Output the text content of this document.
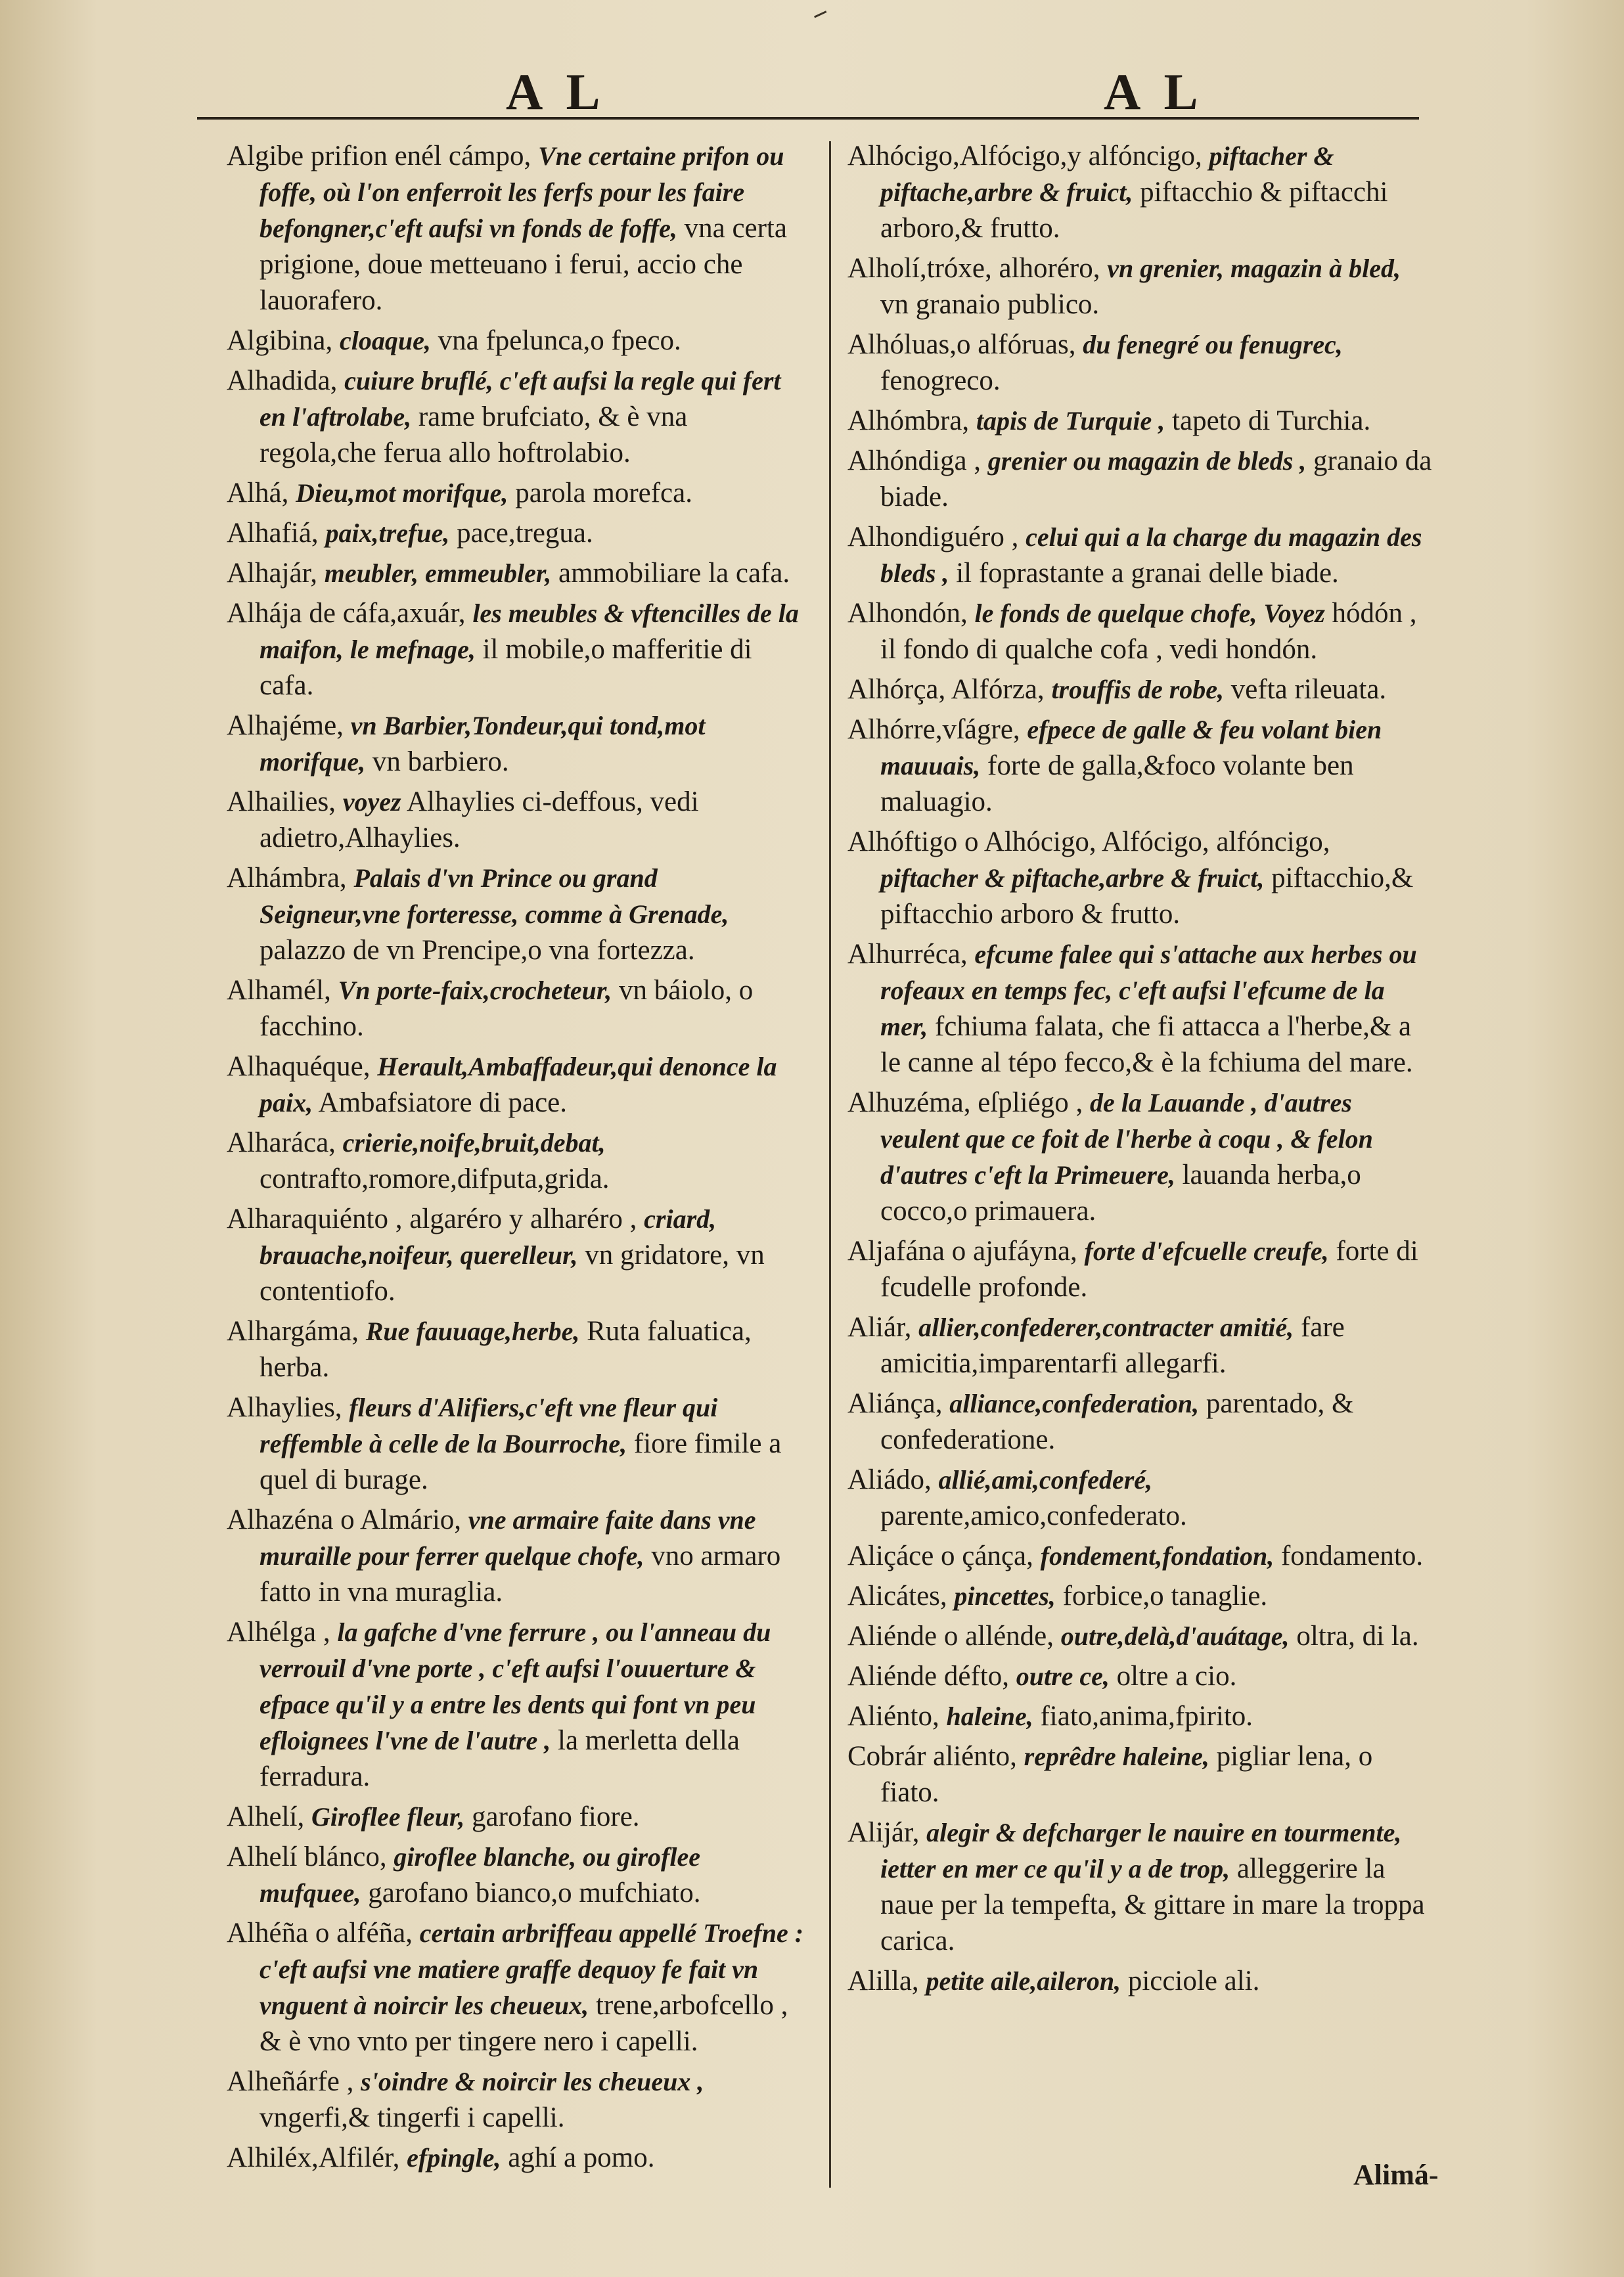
A L	A L
Algibe prifion enél cámpo, Vne certaine prifon ou foffe, où l'on enferroit les ferfs pour les faire befongner,c'eft aufsi vn fonds de foffe, vna certa prigione, doue metteuano i ferui, accio che lauorafero.
Algibina, cloaque, vna fpelunca,o fpeco.
Alhadida, cuiure bruflé, c'eft aufsi la regle qui fert en l'aftrolabe, rame brufciato, & è vna regola,che ferua allo hoftrolabio.
Alhá, Dieu,mot morifque, parola morefca.
Alhafiá, paix,trefue, pace,tregua.
Alhajár, meubler, emmeubler, ammobiliare la cafa.
Alhája de cáfa,axuár, les meubles & vftencilles de la maifon, le mefnage, il mobile,o mafferitie di cafa.
Alhajéme, vn Barbier,Tondeur,qui tond,mot morifque, vn barbiero.
Alhailies, voyez Alhaylies ci-deffous, vedi adietro,Alhaylies.
Alhámbra, Palais d'vn Prince ou grand Seigneur,vne forteresse, comme à Grenade, palazzo de vn Prencipe,o vna fortezza.
Alhamél, Vn porte-faix,crocheteur, vn báiolo, o facchino.
Alhaquéque, Herault,Ambaffadeur,qui denonce la paix, Ambafsiatore di pace.
Alharáca, crierie,noife,bruit,debat, contrafto,romore,difputa,grida.
Alharaquiénto , algaréro y alharéro , criard, brauache,noifeur, querelleur, vn gridatore, vn contentiofo.
Alhargáma, Rue fauuage,herbe, Ruta faluatica, herba.
Alhaylies, fleurs d'Alifiers,c'eft vne fleur qui reffemble à celle de la Bourroche, fiore fimile a quel di burage.
Alhazéna o Almário, vne armaire faite dans vne muraille pour ferrer quelque chofe, vno armaro fatto in vna muraglia.
Alhélga , la gafche d'vne ferrure , ou l'anneau du verrouil d'vne porte , c'eft aufsi l'ouuerture & efpace qu'il y a entre les dents qui font vn peu efloignees l'vne de l'autre , la merletta della ferradura.
Alhelí, Giroflee fleur, garofano fiore.
Alhelí blánco, giroflee blanche, ou giroflee mufquee, garofano bianco,o mufchiato.
Alhéña o alféña, certain arbriffeau appellé Troefne : c'eft aufsi vne matiere graffe dequoy fe fait vn vnguent à noircir les cheueux, trene,arbofcello , & è vno vnto per tingere nero i capelli.
Alheñárfe , s'oindre & noircir les cheueux , vngerfi,& tingerfi i capelli.
Alhiléx,Alfilér, efpingle, aghí a pomo.
Alhócigo,Alfócigo,y alfóncigo, piftacher & piftache,arbre & fruict, piftacchio & piftacchi arboro,& frutto.
Alholí,tróxe, alhoréro, vn grenier, magazin à bled, vn granaio publico.
Alhóluas,o alfóruas, du fenegré ou fenugrec, fenogreco.
Alhómbra, tapis de Turquie , tapeto di Turchia.
Alhóndiga , grenier ou magazin de bleds , granaio da biade.
Alhondiguéro , celui qui a la charge du magazin des bleds , il foprastante a granai delle biade.
Alhondón, le fonds de quelque chofe, Voyez hódón , il fondo di qualche cofa , vedi hondón.
Alhórça, Alfórza, trouffis de robe, vefta rileuata.
Alhórre,vſágre, efpece de galle & feu volant bien mauuais, forte de galla,&foco volante ben maluagio.
Alhóftigo o Alhócigo, Alfócigo, alfóncigo, piftacher & piftache,arbre & fruict, piftacchio,& piftacchio arboro & frutto.
Alhurréca, efcume falee qui s'attache aux herbes ou rofeaux en temps fec, c'eft aufsi l'efcume de la mer, fchiuma falata, che fi attacca a l'herbe,& a le canne al tépo fecco,& è la fchiuma del mare.
Alhuzéma, eſpliégo , de la Lauande , d'autres veulent que ce foit de l'herbe à coqu , & felon d'autres c'eft la Primeuere, lauanda herba,o cocco,o primauera.
Aljafána o ajufáyna, forte d'efcuelle creufe, forte di fcudelle profonde.
Aliár, allier,confederer,contracter amitié, fare amicitia,imparentarfi allegarfi.
Aliánça, alliance,confederation, parentado, & confederatione.
Aliádo, allié,ami,confederé, parente,amico,confederato.
Aliçáce o çánça, fondement,fondation, fondamento.
Alicátes, pincettes, forbice,o tanaglie.
Aliénde o allénde, outre,delà,d'auátage, oltra, di la.
Aliénde défto, outre ce, oltre a cio.
Aliénto, haleine, fiato,anima,fpirito.
Cobrár aliénto, reprêdre haleine, pigliar lena, o fiato.
Alijár, alegir & defcharger le nauire en tourmente, ietter en mer ce qu'il y a de trop, alleggerire la naue per la tempefta, & gittare in mare la troppa carica.
Alilla, petite aile,aileron, picciole ali.
Alimá-
